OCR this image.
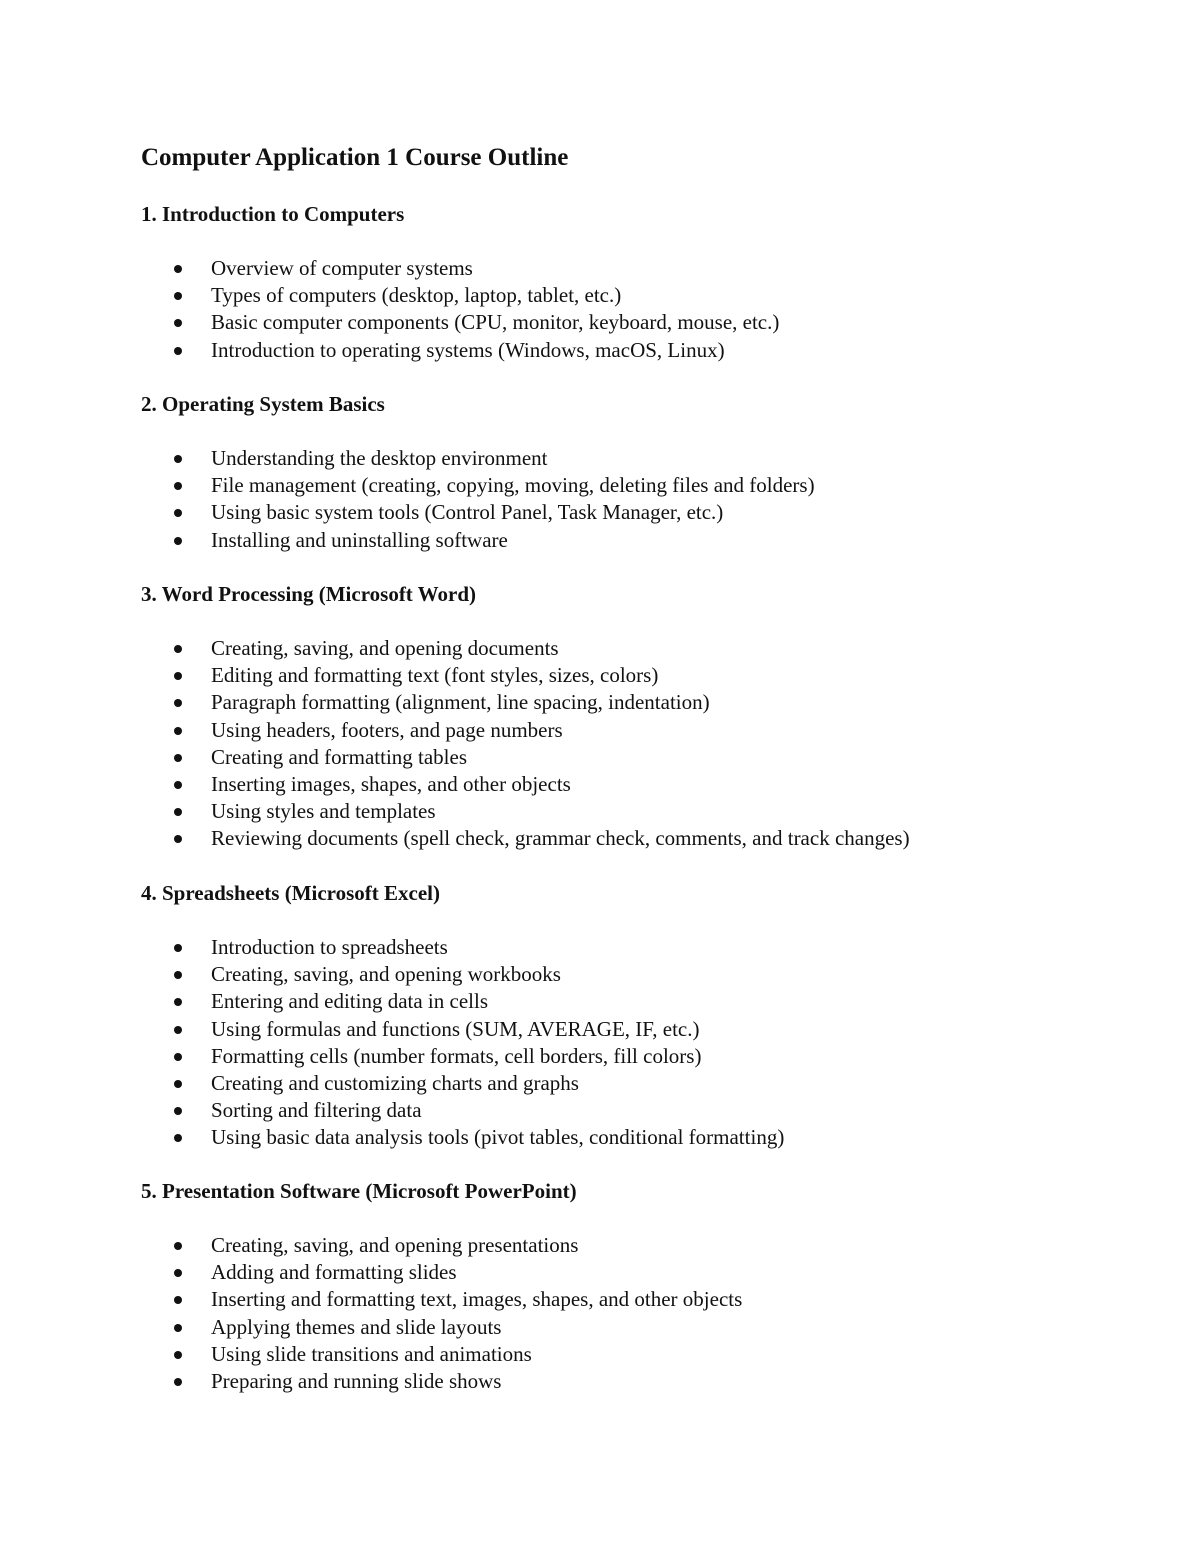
Computer Application 1 Course Outline
1. Introduction to Computers
Overview of computer systems
Types of computers (desktop, laptop, tablet, etc.)
Basic computer components (CPU, monitor, keyboard, mouse, etc.)
Introduction to operating systems (Windows, macOS, Linux)
2. Operating System Basics
Understanding the desktop environment
File management (creating, copying, moving, deleting files and folders)
Using basic system tools (Control Panel, Task Manager, etc.)
Installing and uninstalling software
3. Word Processing (Microsoft Word)
Creating, saving, and opening documents
Editing and formatting text (font styles, sizes, colors)
Paragraph formatting (alignment, line spacing, indentation)
Using headers, footers, and page numbers
Creating and formatting tables
Inserting images, shapes, and other objects
Using styles and templates
Reviewing documents (spell check, grammar check, comments, and track changes)
4. Spreadsheets (Microsoft Excel)
Introduction to spreadsheets
Creating, saving, and opening workbooks
Entering and editing data in cells
Using formulas and functions (SUM, AVERAGE, IF, etc.)
Formatting cells (number formats, cell borders, fill colors)
Creating and customizing charts and graphs
Sorting and filtering data
Using basic data analysis tools (pivot tables, conditional formatting)
5. Presentation Software (Microsoft PowerPoint)
Creating, saving, and opening presentations
Adding and formatting slides
Inserting and formatting text, images, shapes, and other objects
Applying themes and slide layouts
Using slide transitions and animations
Preparing and running slide shows
